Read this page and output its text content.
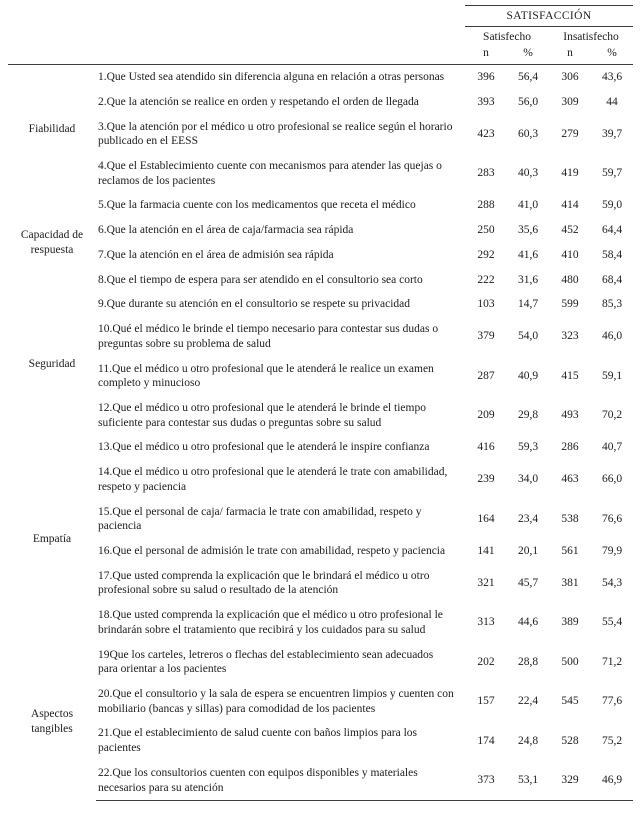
		SATISFACCIÓN			
		Satisfecho		Insatisfecho	
		n	%	n	%
Fiabilidad	1.Que Usted sea atendido sin diferencia alguna en relación a otras personas	396	56,4	306	43,6
	2.Que la atención se realice en orden y respetando el orden de llegada	393	56,0	309	44
	3.Que la atención por el médico u otro profesional se realice según el horario publicado en el EESS	423	60,3	279	39,7
	4.Que el Establecimiento cuente con mecanismos para atender las quejas o reclamos de los pacientes	283	40,3	419	59,7
Capacidad de respuesta	5.Que la farmacia cuente con los medicamentos que receta el médico	288	41,0	414	59,0
	6.Que la atención en el área de caja/farmacia sea rápida	250	35,6	452	64,4
	7.Que la atención en el área de admisión sea rápida	292	41,6	410	58,4
	8.Que el tiempo de espera para ser atendido en el consultorio sea corto	222	31,6	480	68,4
Seguridad	9.Que durante su atención en el consultorio se respete su privacidad	103	14,7	599	85,3
	10.Qué el médico le brinde el tiempo necesario para contestar sus dudas o preguntas sobre su problema de salud	379	54,0	323	46,0
	11.Que el médico u otro profesional que le atenderá le realice un examen completo y minucioso	287	40,9	415	59,1
	12.Que el médico u otro profesional que le atenderá le brinde el tiempo suficiente para contestar sus dudas o preguntas sobre su salud	209	29,8	493	70,2
Empatía	13.Que el médico u otro profesional que le atenderá le inspire confianza	416	59,3	286	40,7
	14.Que el médico u otro profesional que le atenderá le trate con amabilidad, respeto y paciencia	239	34,0	463	66,0
	15.Que el personal de caja/ farmacia le trate con amabilidad, respeto y paciencia	164	23,4	538	76,6
	16.Que el personal de admisión le trate con amabilidad, respeto y paciencia	141	20,1	561	79,9
	17.Que usted comprenda la explicación que le brindará el médico u otro profesional sobre su salud o resultado de la atención	321	45,7	381	54,3
	18.Que usted comprenda la explicación que el médico u otro profesional le brindarán sobre el tratamiento que recibirá y los cuidados para su salud	313	44,6	389	55,4
Aspectos tangibles	19Que los carteles, letreros o flechas del establecimiento sean adecuados para orientar a los pacientes	202	28,8	500	71,2
	20.Que el consultorio y la sala de espera se encuentren limpios y cuenten con mobiliario (bancas y sillas) para comodidad de los pacientes	157	22,4	545	77,6
	21.Que el establecimiento de salud cuente con baños limpios para los pacientes	174	24,8	528	75,2
	22.Que los consultorios cuenten con equipos disponibles y materiales necesarios para su atención	373	53,1	329	46,9
